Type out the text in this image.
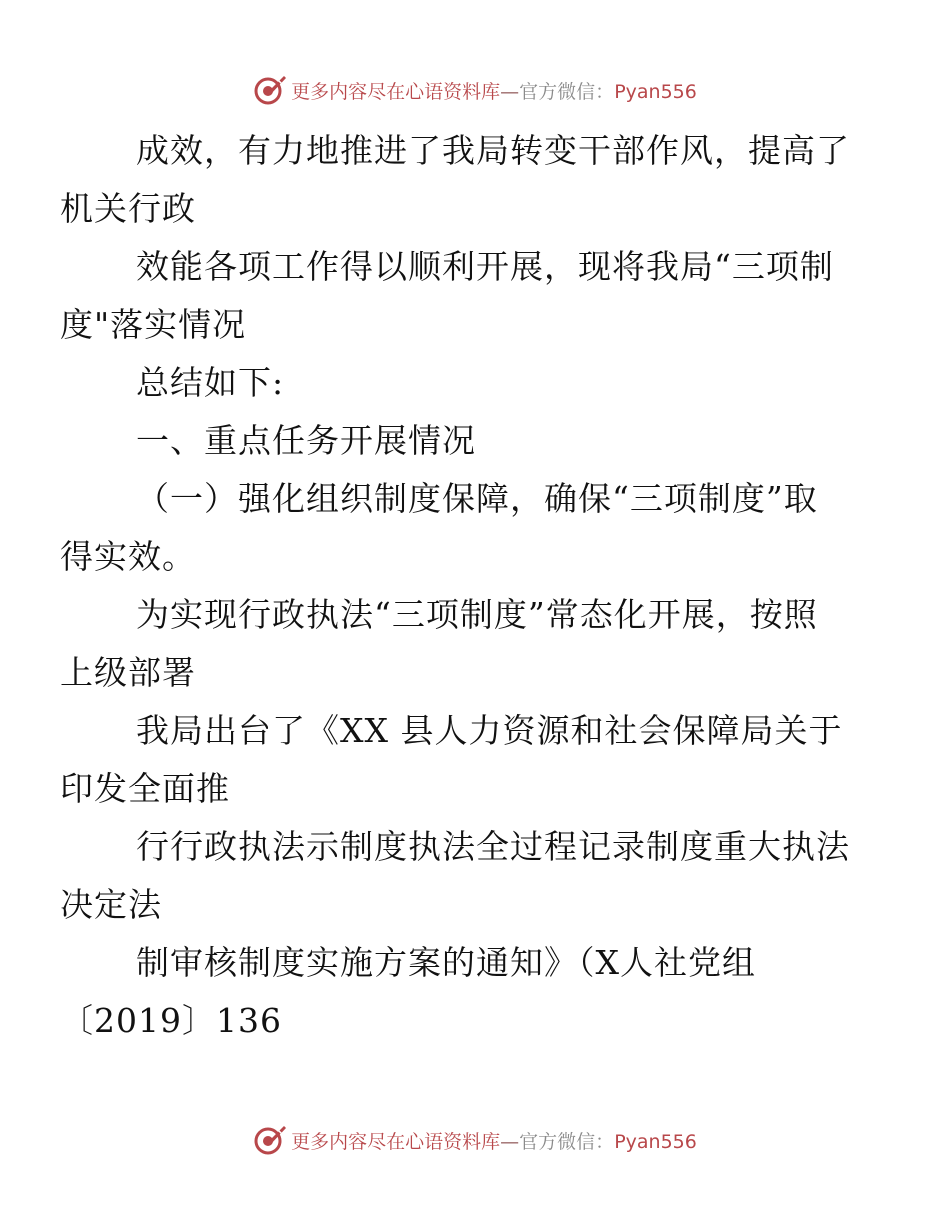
更多内容尽在心语资料库—官方微信：Pyan556

成效，有力地推进了我局转变干部作风，提高了
机关行政

效能各项工作得以顺利开展，现将我局“三项制
度"落实情况

总结如下:

一、重点任务开展情况

（一）强化组织制度保障，确保“三项制度”取
得实效。

为实现行政执法“三项制度”常态化开展，按照
上级部署

我局出台了《XX 县人力资源和社会保障局关于
印发全面推

行行政执法示制度执法全过程记录制度重大执法
决定法

制审核制度实施方案的通知》（X人社党组
〔2019〕136

更多内容尽在心语资料库—官方微信：Pyan556
